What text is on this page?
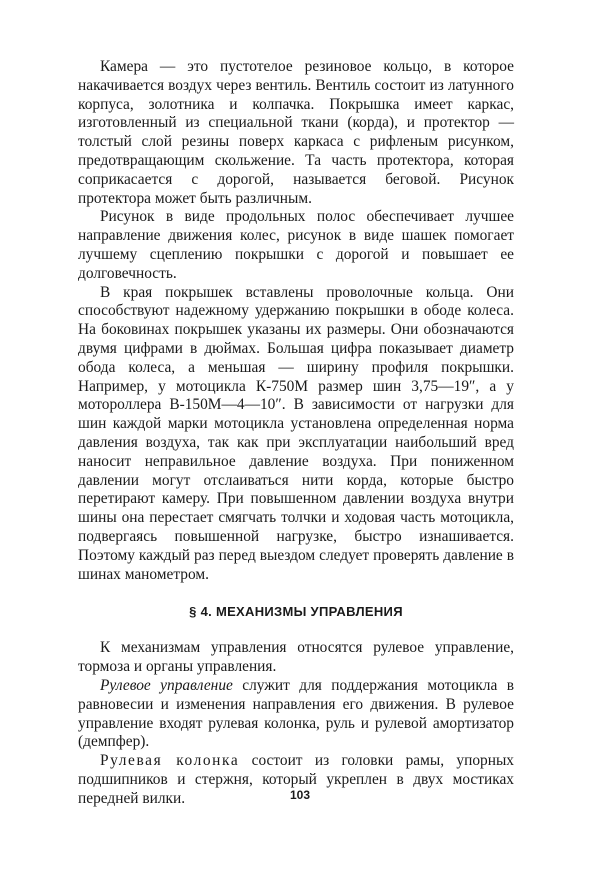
Камера — это пустотелое резиновое кольцо, в которое накачивается воздух через вентиль. Вентиль состоит из латунного корпуса, золотника и колпачка. Покрышка имеет каркас, изготовленный из специальной ткани (корда), и протектор — толстый слой резины поверх каркаса с рифленым рисунком, предотвращающим скольжение. Та часть протектора, которая соприкасается с дорогой, называется беговой. Рисунок протектора может быть различным.

Рисунок в виде продольных полос обеспечивает лучшее направление движения колес, рисунок в виде шашек помогает лучшему сцеплению покрышки с дорогой и повышает ее долговечность.

В края покрышек вставлены проволочные кольца. Они способствуют надежному удержанию покрышки в ободе колеса. На боковинах покрышек указаны их размеры. Они обозначаются двумя цифрами в дюймах. Большая цифра показывает диаметр обода колеса, а меньшая — ширину профиля покрышки. Например, у мотоцикла К-750М размер шин 3,75—19″, а у мотороллера В-150М—4—10″. В зависимости от нагрузки для шин каждой марки мотоцикла установлена определенная норма давления воздуха, так как при эксплуатации наибольший вред наносит неправильное давление воздуха. При пониженном давлении могут отслаиваться нити корда, которые быстро перетирают камеру. При повышенном давлении воздуха внутри шины она перестает смягчать толчки и ходовая часть мотоцикла, подвергаясь повышенной нагрузке, быстро изнашивается. Поэтому каждый раз перед выездом следует проверять давление в шинах манометром.

§ 4. МЕХАНИЗМЫ УПРАВЛЕНИЯ

К механизмам управления относятся рулевое управление, тормоза и органы управления.

Рулевое управление служит для поддержания мотоцикла в равновесии и изменения направления его движения. В рулевое управление входят рулевая колонка, руль и рулевой амортизатор (демпфер).

Рулевая колонка состоит из головки рамы, упорных подшипников и стержня, который укреплен в двух мостиках передней вилки.	103
